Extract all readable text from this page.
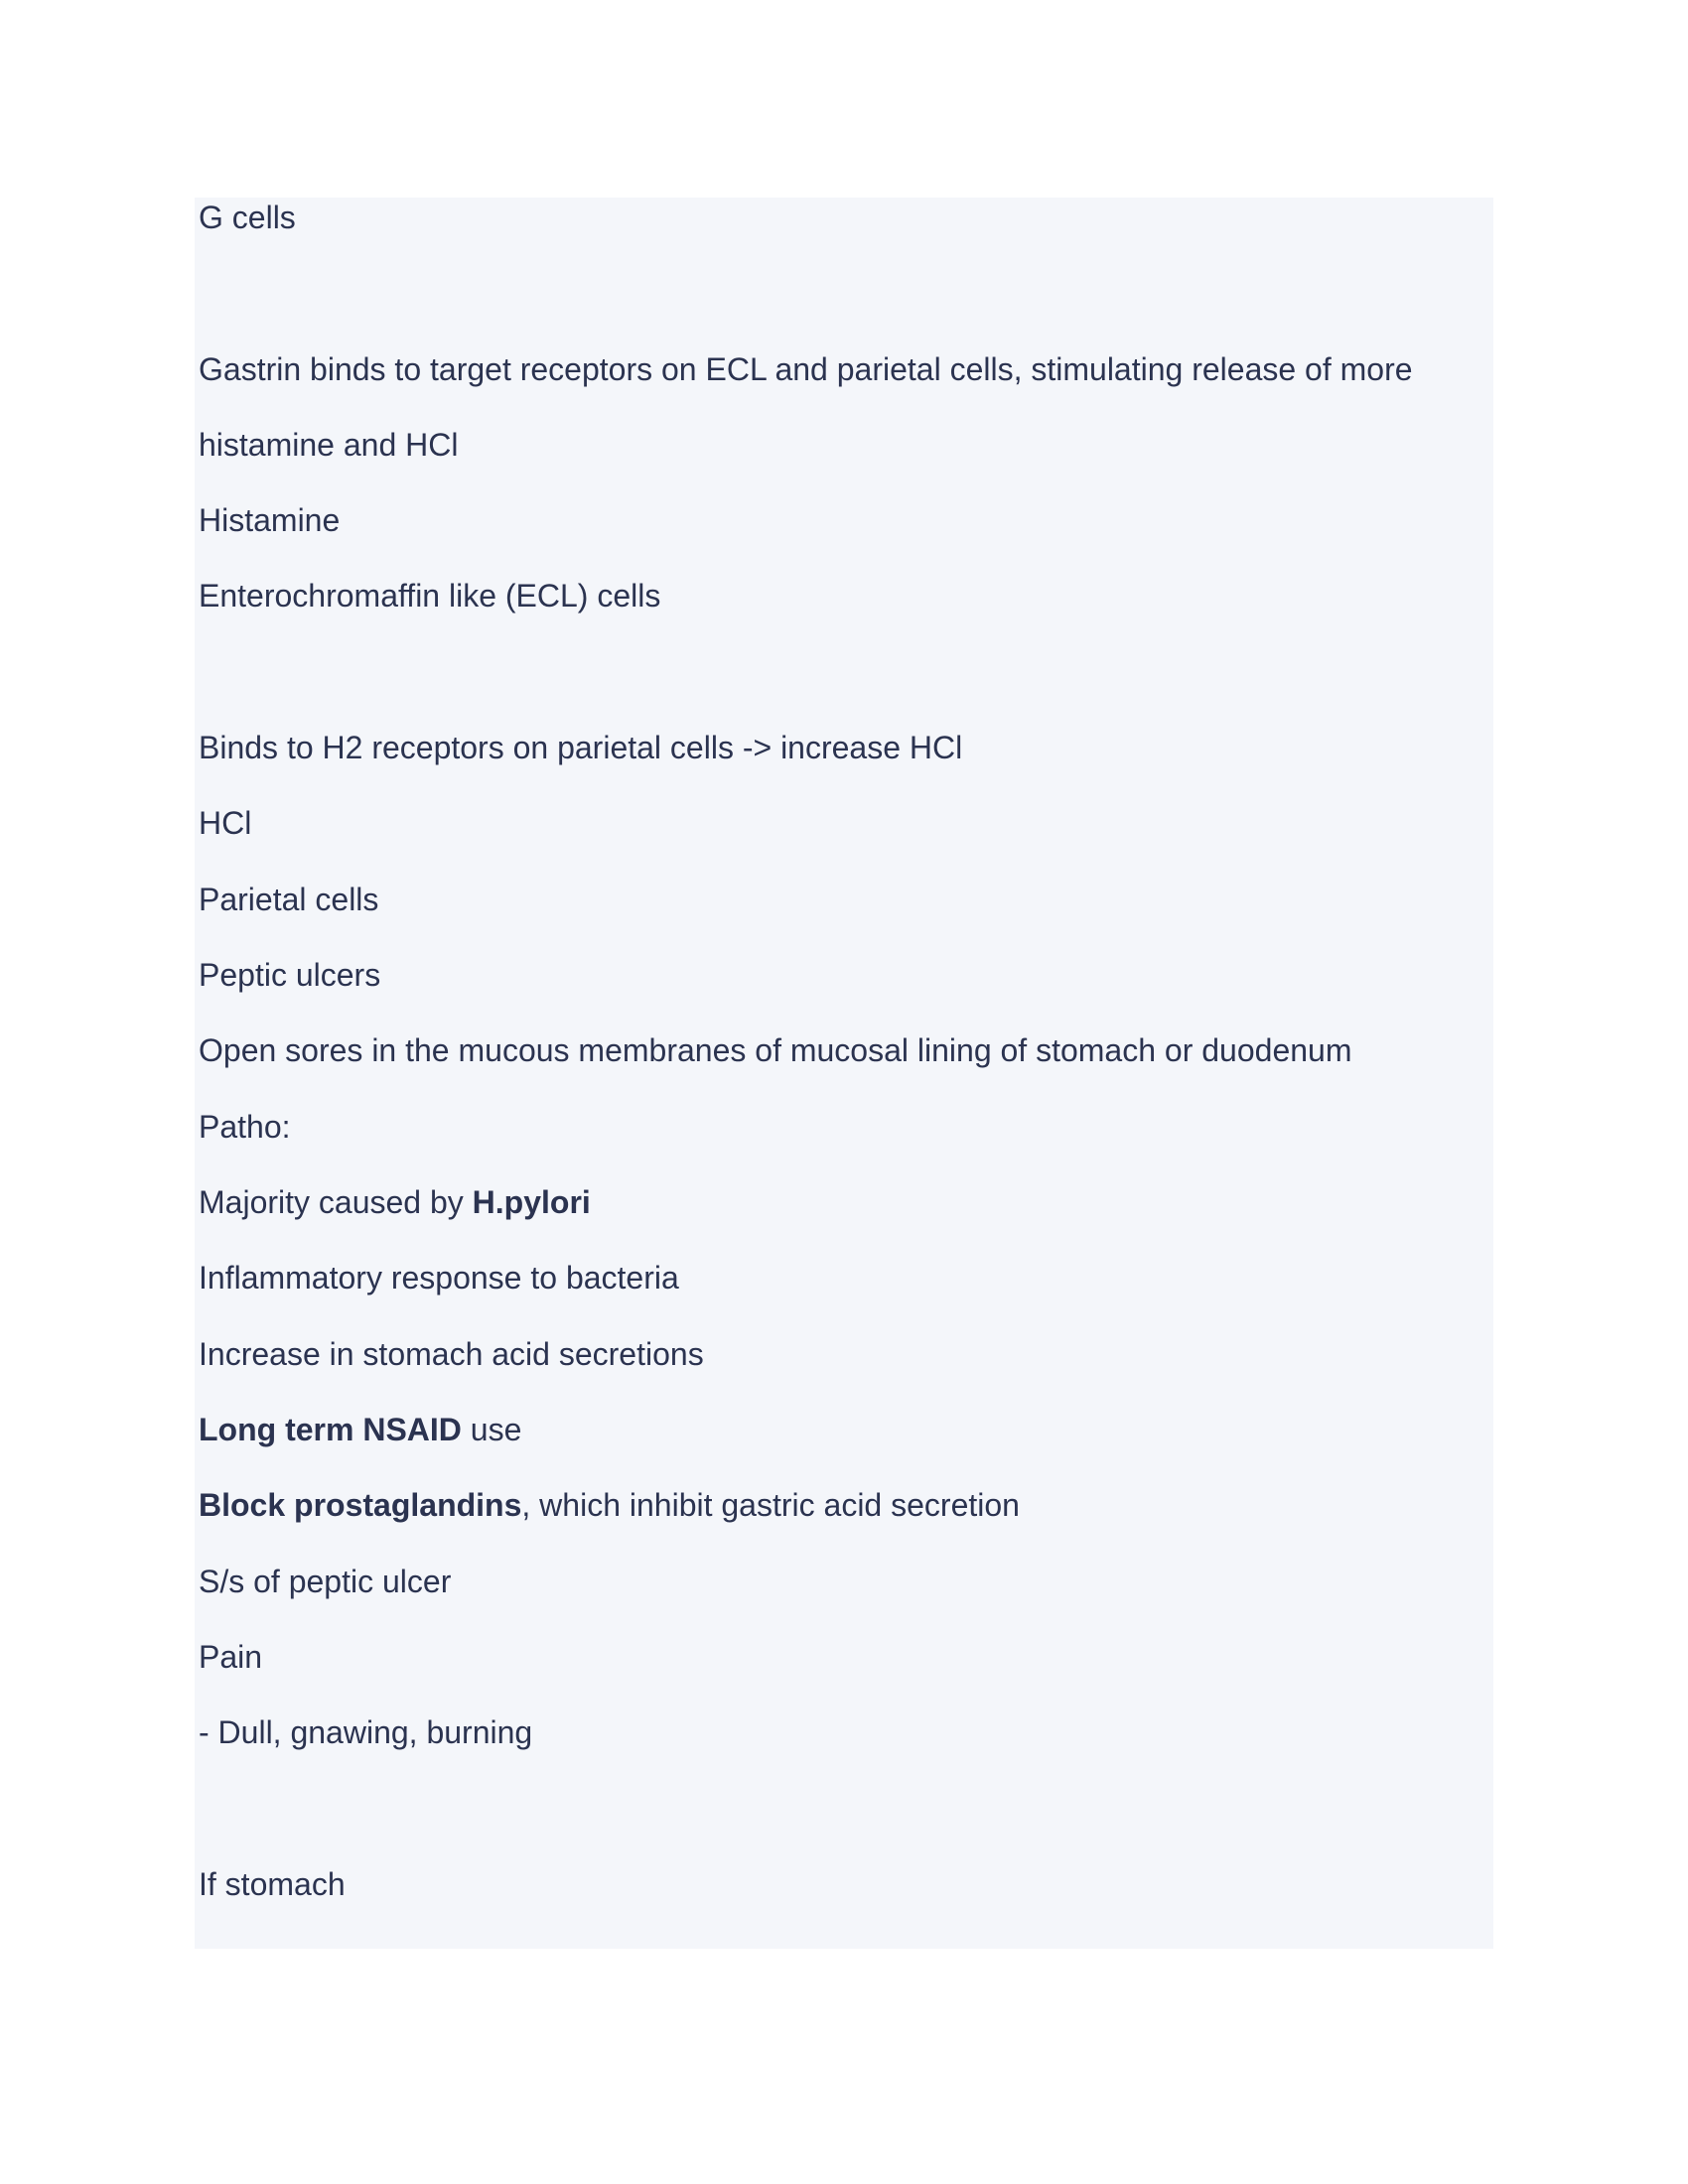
G cells
Gastrin binds to target receptors on ECL and parietal cells, stimulating release of more
histamine and HCl
Histamine
Enterochromaffin like (ECL) cells
Binds to H2 receptors on parietal cells -> increase HCl
HCl
Parietal cells
Peptic ulcers
Open sores in the mucous membranes of mucosal lining of stomach or duodenum
Patho:
Majority caused by H.pylori
Inflammatory response to bacteria
Increase in stomach acid secretions
Long term NSAID use
Block prostaglandins, which inhibit gastric acid secretion
S/s of peptic ulcer
Pain
- Dull, gnawing, burning
If stomach
